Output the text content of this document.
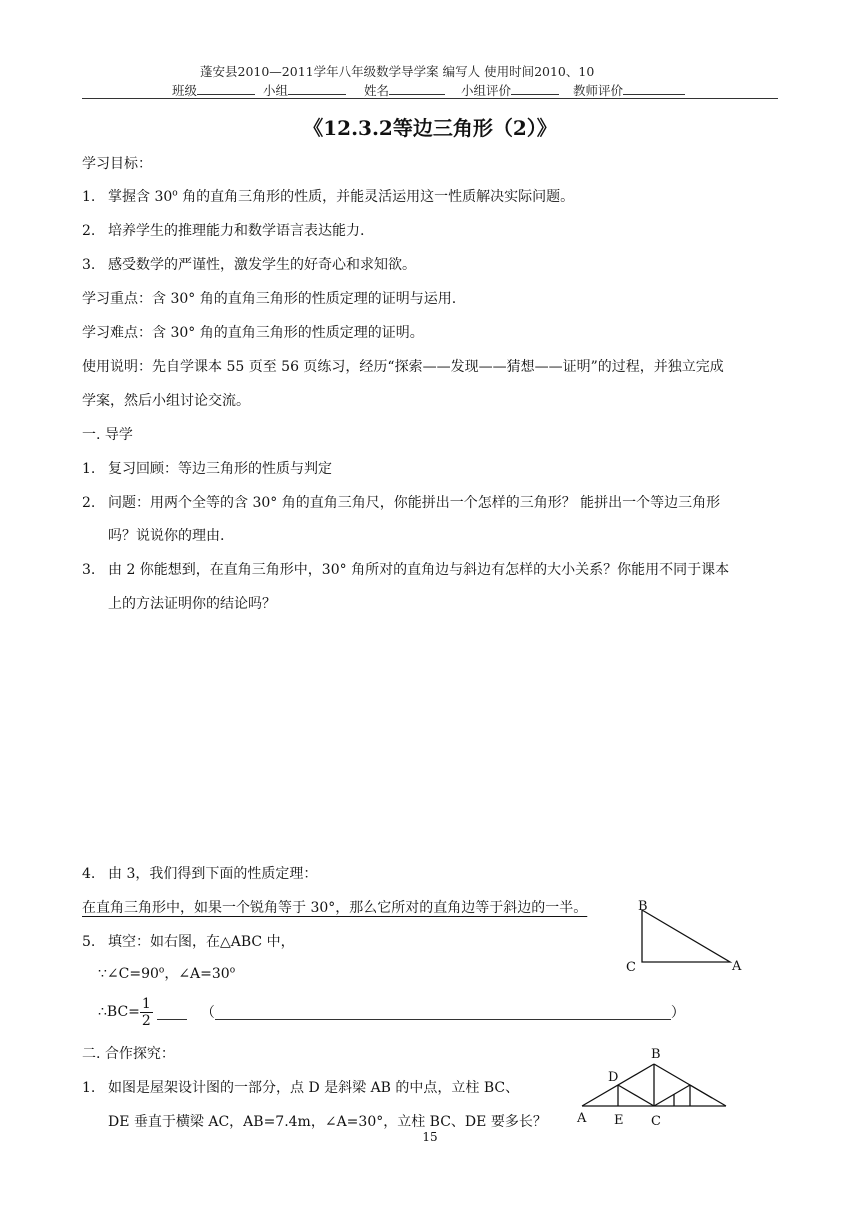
蓬安县2010—2011学年八年级数学导学案 编写人 使用时间2010、10
班级	小组	姓名	小组评价	教师评价
《12.3.2等边三角形（2）》
学习目标：
1. 掌握含 30$^o$ 角的直角三角形的性质，并能灵活运用这一性质解决实际问题。
2. 培养学生的推理能力和数学语言表达能力.
3. 感受数学的严谨性，激发学生的好奇心和求知欲。
学习重点：含 30° 角的直角三角形的性质定理的证明与运用.
学习难点：含 30° 角的直角三角形的性质定理的证明。
使用说明：先自学课本 55 页至 56 页练习，经历“探索——发现——猜想——证明”的过程，并独立完成
学案，然后小组讨论交流。
一. 导学
1. 复习回顾：等边三角形的性质与判定
2. 问题：用两个全等的含 30° 角的直角三角尺，你能拼出一个怎样的三角形？ 能拼出一个等边三角形
吗？说说你的理由.
3. 由 2 你能想到，在直角三角形中，30° 角所对的直角边与斜边有怎样的大小关系？你能用不同于课本
上的方法证明你的结论吗？
4. 由 3，我们得到下面的性质定理：
在直角三角形中，如果一个锐角等于 30°，那么它所对的直角边等于斜边的一半。
5. 填空：如右图，在△ABC 中，
$\because\angle C=90^o$，$\angle A=30^o$
∴BC= $\frac{1}{2}$	（	）
B
C	A
二. 合作探究：
1. 如图是屋架设计图的一部分，点 D 是斜梁 AB 的中点，立柱 BC、
DE 垂直于横梁 AC，AB=7.4m，∠A=30°，立柱 BC、DE 要多长？
B
D
A E C
15
